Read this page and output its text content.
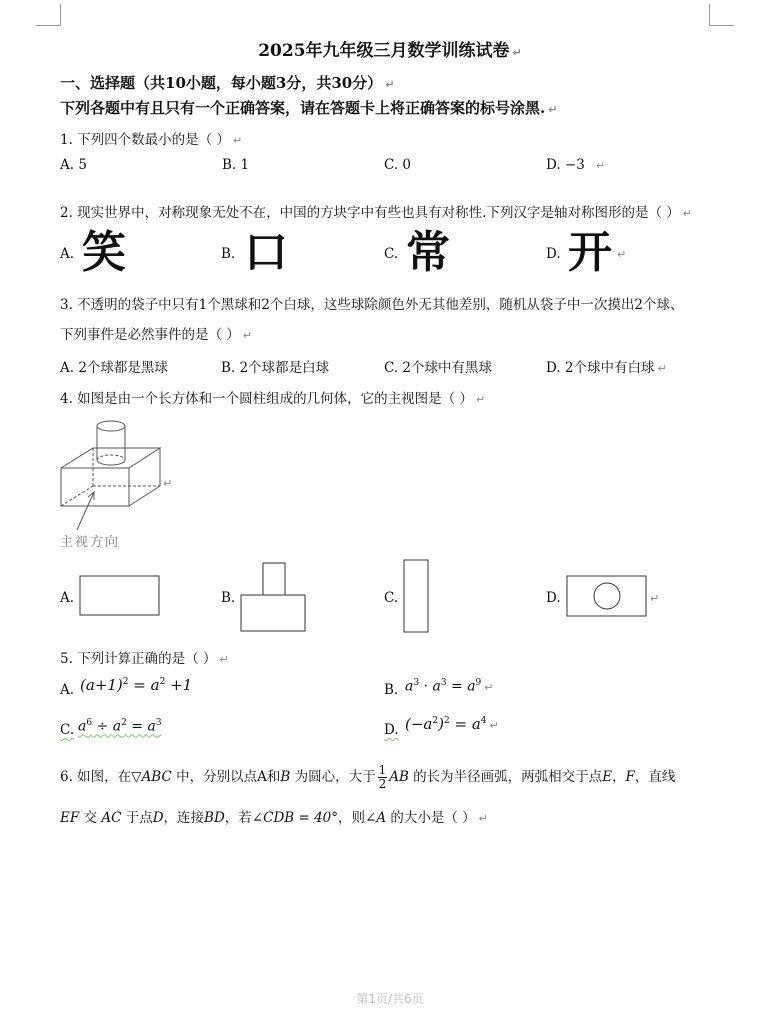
2025年九年级三月数学训练试卷 ↵
一、选择题（共10小题，每小题3分，共30分） ↵
下列各题中有且只有一个正确答案，请在答题卡上将正确答案的标号涂黑. ↵
1. 下列四个数最小的是（ ） ↵
A. 5	B. 1	C. 0	D. −3 ↵
2. 现实世界中，对称现象无处不在，中国的方块字中有些也具有对称性.下列汉字是轴对称图形的是（ ） ↵
A. 笑	B. 口	C. 常	D. 开 ↵
3. 不透明的袋子中只有1个黑球和2个白球，这些球除颜色外无其他差别，随机从袋子中一次摸出2个球、
下列事件是必然事件的是（ ） ↵
A. 2个球都是黑球	B. 2个球都是白球	C. 2个球中有黑球	D. 2个球中有白球 ↵
4. 如图是由一个长方体和一个圆柱组成的几何体，它的主视图是（ ） ↵
↵
主视方向
A.	B.	C.	D.	↵
5. 下列计算正确的是（ ） ↵
A. $(a+1)^2 = a^2 +1$	B. $a^3 \cdot a^3 = a^9$ ↵
C. $a^6 \div a^2 = a^3$	D. $(-a^2)^2 = a^4$ ↵
6. 如图，在▽ABC 中，分别以点A和B 为圆心，大于 $\frac{1}{2}$ AB 的长为半径画弧，两弧相交于点E，F，直线
EF 交 AC 于点D，连接BD，若∠CDB = 40°，则∠A 的大小是（ ） ↵
第1页/共6页
